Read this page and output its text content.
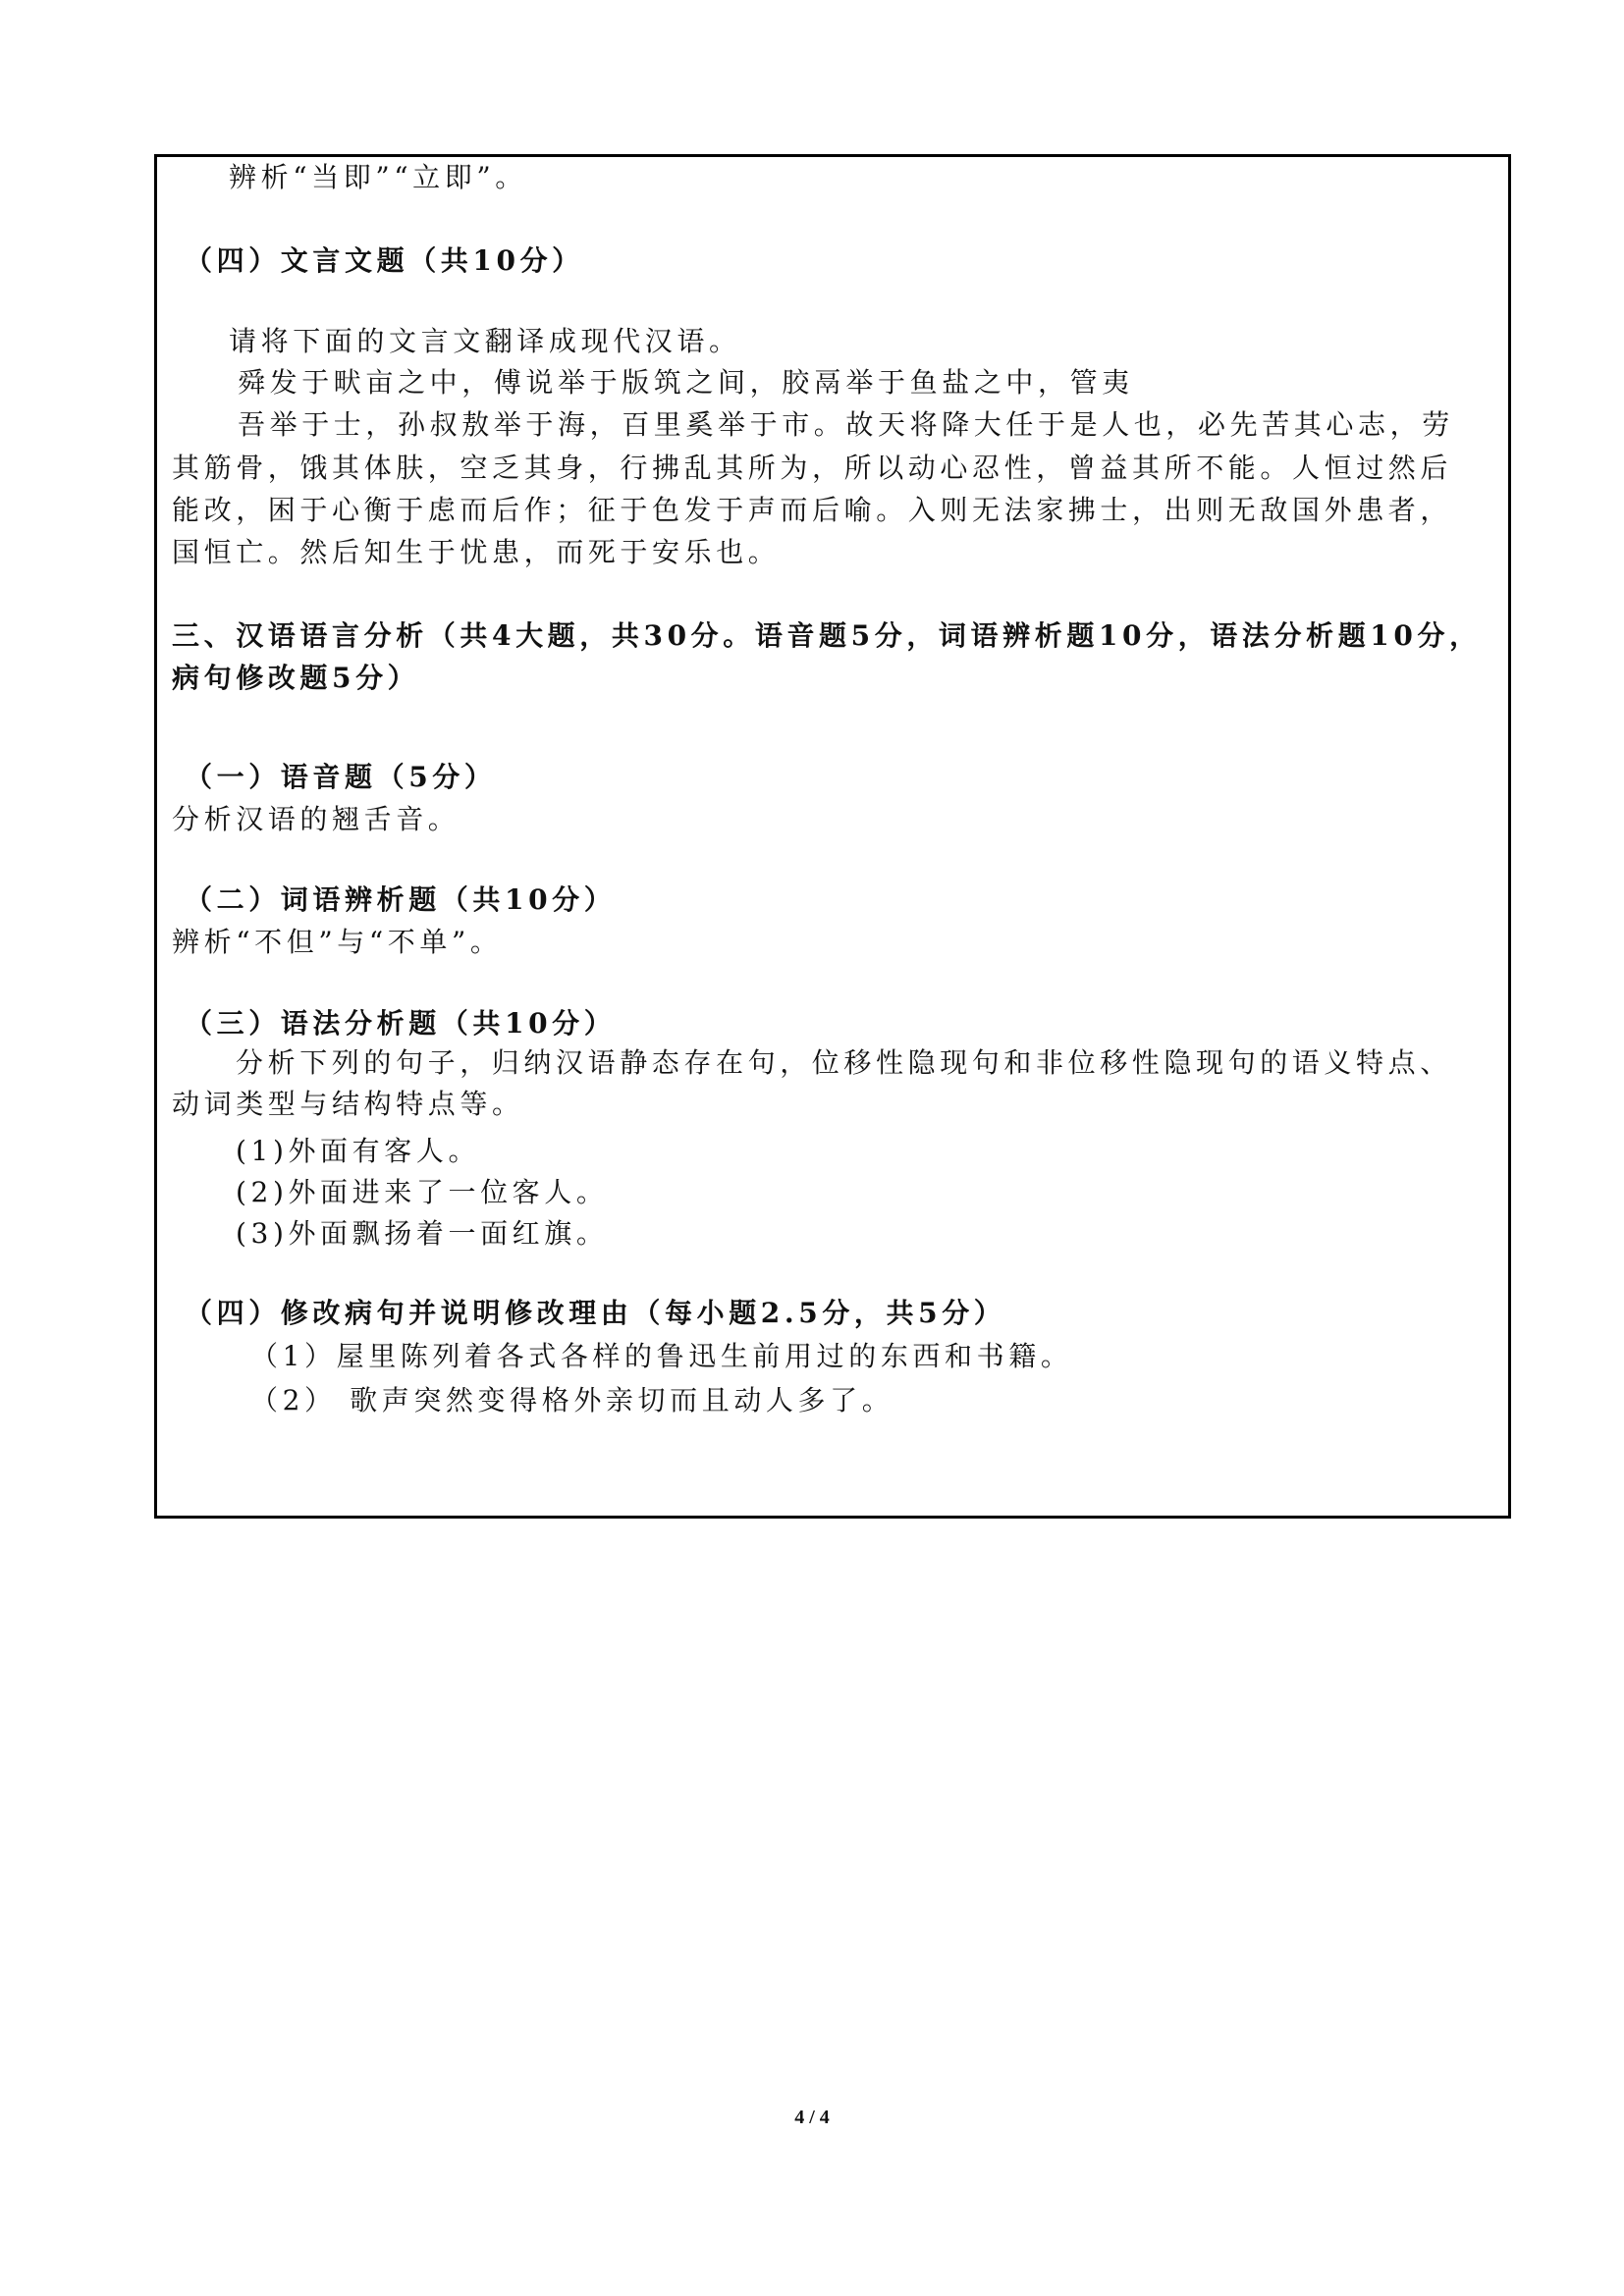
辨析“当即”“立即”。
（四）文言文题（共10分）
请将下面的文言文翻译成现代汉语。
舜发于畎亩之中，傅说举于版筑之间，胶鬲举于鱼盐之中，管夷
吾举于士，孙叔敖举于海，百里奚举于市。故天将降大任于是人也，必先苦其心志，劳
其筋骨，饿其体肤，空乏其身，行拂乱其所为，所以动心忍性，曾益其所不能。人恒过然后
能改，困于心衡于虑而后作；征于色发于声而后喻。入则无法家拂士，出则无敌国外患者，
国恒亡。然后知生于忧患，而死于安乐也。
三、汉语语言分析（共4大题，共30分。语音题5分，词语辨析题10分，语法分析题10分，
病句修改题5分）
（一）语音题（5分）
分析汉语的翘舌音。
（二）词语辨析题（共10分）
辨析“不但”与“不单”。
（三）语法分析题（共10分）
分析下列的句子，归纳汉语静态存在句，位移性隐现句和非位移性隐现句的语义特点、
动词类型与结构特点等。
(1)外面有客人。
(2)外面进来了一位客人。
(3)外面飘扬着一面红旗。
（四）修改病句并说明修改理由（每小题2.5分，共5分）
（1）屋里陈列着各式各样的鲁迅生前用过的东西和书籍。
（2） 歌声突然变得格外亲切而且动人多了。
4 / 4
